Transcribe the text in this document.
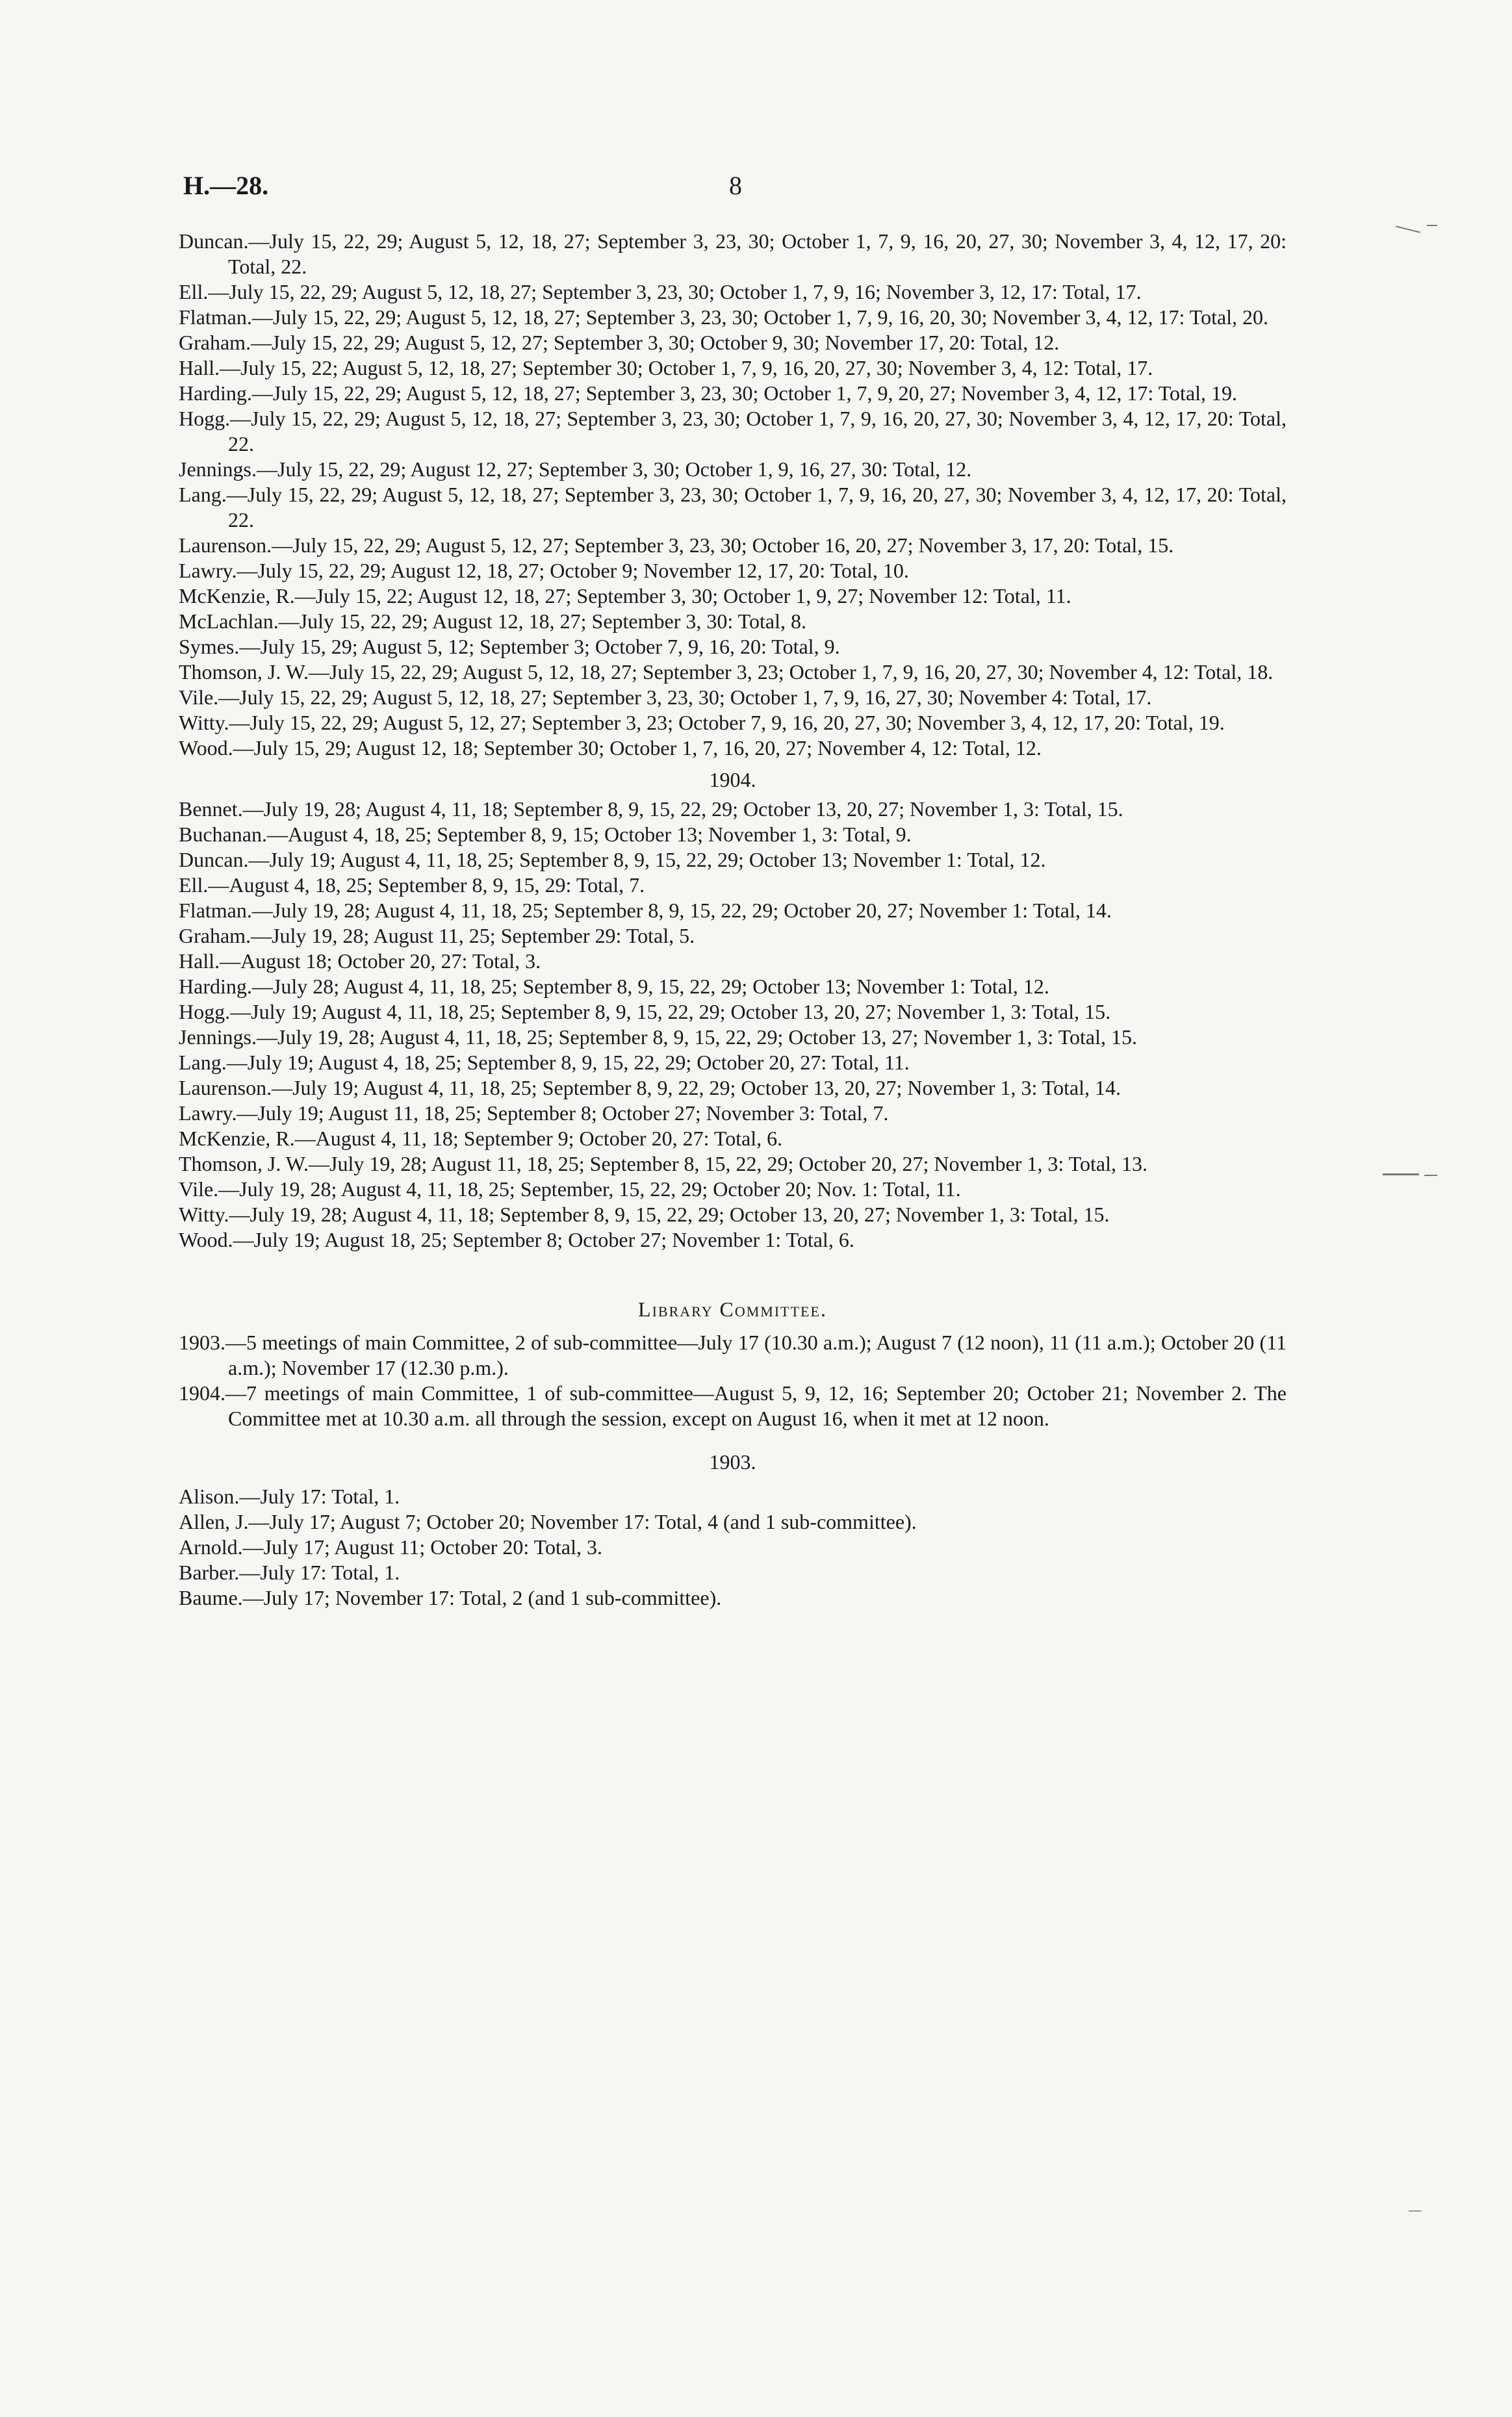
H.—28.	8

Duncan.—July 15, 22, 29; August 5, 12, 18, 27; September 3, 23, 30; October 1, 7, 9, 16, 20, 27, 30; November 3, 4, 12, 17, 20: Total, 22.

Ell.—July 15, 22, 29; August 5, 12, 18, 27; September 3, 23, 30; October 1, 7, 9, 16; November 3, 12, 17: Total, 17.

Flatman.—July 15, 22, 29; August 5, 12, 18, 27; September 3, 23, 30; October 1, 7, 9, 16, 20, 30; November 3, 4, 12, 17: Total, 20.

Graham.—July 15, 22, 29; August 5, 12, 27; September 3, 30; October 9, 30; November 17, 20: Total, 12.

Hall.—July 15, 22; August 5, 12, 18, 27; September 30; October 1, 7, 9, 16, 20, 27, 30; November 3, 4, 12: Total, 17.

Harding.—July 15, 22, 29; August 5, 12, 18, 27; September 3, 23, 30; October 1, 7, 9, 20, 27; November 3, 4, 12, 17: Total, 19.

Hogg.—July 15, 22, 29; August 5, 12, 18, 27; September 3, 23, 30; October 1, 7, 9, 16, 20, 27, 30; November 3, 4, 12, 17, 20: Total, 22.

Jennings.—July 15, 22, 29; August 12, 27; September 3, 30; October 1, 9, 16, 27, 30: Total, 12.

Lang.—July 15, 22, 29; August 5, 12, 18, 27; September 3, 23, 30; October 1, 7, 9, 16, 20, 27, 30; November 3, 4, 12, 17, 20: Total, 22.

Laurenson.—July 15, 22, 29; August 5, 12, 27; September 3, 23, 30; October 16, 20, 27; November 3, 17, 20: Total, 15.

Lawry.—July 15, 22, 29; August 12, 18, 27; October 9; November 12, 17, 20: Total, 10.

McKenzie, R.—July 15, 22; August 12, 18, 27; September 3, 30; October 1, 9, 27; November 12: Total, 11.

McLachlan.—July 15, 22, 29; August 12, 18, 27; September 3, 30: Total, 8.

Symes.—July 15, 29; August 5, 12; September 3; October 7, 9, 16, 20: Total, 9.

Thomson, J. W.—July 15, 22, 29; August 5, 12, 18, 27; September 3, 23; October 1, 7, 9, 16, 20, 27, 30; November 4, 12: Total, 18.

Vile.—July 15, 22, 29; August 5, 12, 18, 27; September 3, 23, 30; October 1, 7, 9, 16, 27, 30; November 4: Total, 17.

Witty.—July 15, 22, 29; August 5, 12, 27; September 3, 23; October 7, 9, 16, 20, 27, 30; November 3, 4, 12, 17, 20: Total, 19.

Wood.—July 15, 29; August 12, 18; September 30; October 1, 7, 16, 20, 27; November 4, 12: Total, 12.

1904.

Bennet.—July 19, 28; August 4, 11, 18; September 8, 9, 15, 22, 29; October 13, 20, 27; November 1, 3: Total, 15.

Buchanan.—August 4, 18, 25; September 8, 9, 15; October 13; November 1, 3: Total, 9.

Duncan.—July 19; August 4, 11, 18, 25; September 8, 9, 15, 22, 29; October 13; November 1: Total, 12.

Ell.—August 4, 18, 25; September 8, 9, 15, 29: Total, 7.

Flatman.—July 19, 28; August 4, 11, 18, 25; September 8, 9, 15, 22, 29; October 20, 27; November 1: Total, 14.

Graham.—July 19, 28; August 11, 25; September 29: Total, 5.

Hall.—August 18; October 20, 27: Total, 3.

Harding.—July 28; August 4, 11, 18, 25; September 8, 9, 15, 22, 29; October 13; November 1: Total, 12.

Hogg.—July 19; August 4, 11, 18, 25; September 8, 9, 15, 22, 29; October 13, 20, 27; November 1, 3: Total, 15.

Jennings.—July 19, 28; August 4, 11, 18, 25; September 8, 9, 15, 22, 29; October 13, 27; November 1, 3: Total, 15.

Lang.—July 19; August 4, 18, 25; September 8, 9, 15, 22, 29; October 20, 27: Total, 11.

Laurenson.—July 19; August 4, 11, 18, 25; September 8, 9, 22, 29; October 13, 20, 27; November 1, 3: Total, 14.

Lawry.—July 19; August 11, 18, 25; September 8; October 27; November 3: Total, 7.

McKenzie, R.—August 4, 11, 18; September 9; October 20, 27: Total, 6.

Thomson, J. W.—July 19, 28; August 11, 18, 25; September 8, 15, 22, 29; October 20, 27; November 1, 3: Total, 13.

Vile.—July 19, 28; August 4, 11, 18, 25; September, 15, 22, 29; October 20; Nov. 1: Total, 11.

Witty.—July 19, 28; August 4, 11, 18; September 8, 9, 15, 22, 29; October 13, 20, 27; November 1, 3: Total, 15.

Wood.—July 19; August 18, 25; September 8; October 27; November 1: Total, 6.

Library Committee.

1903.—5 meetings of main Committee, 2 of sub-committee—July 17 (10.30 a.m.); August 7 (12 noon), 11 (11 a.m.); October 20 (11 a.m.); November 17 (12.30 p.m.).

1904.—7 meetings of main Committee, 1 of sub-committee—August 5, 9, 12, 16; September 20; October 21; November 2. The Committee met at 10.30 a.m. all through the session, except on August 16, when it met at 12 noon.

1903.

Alison.—July 17: Total, 1.

Allen, J.—July 17; August 7; October 20; November 17: Total, 4 (and 1 sub-committee).

Arnold.—July 17; August 11; October 20: Total, 3.

Barber.—July 17: Total, 1.

Baume.—July 17; November 17: Total, 2 (and 1 sub-committee).
